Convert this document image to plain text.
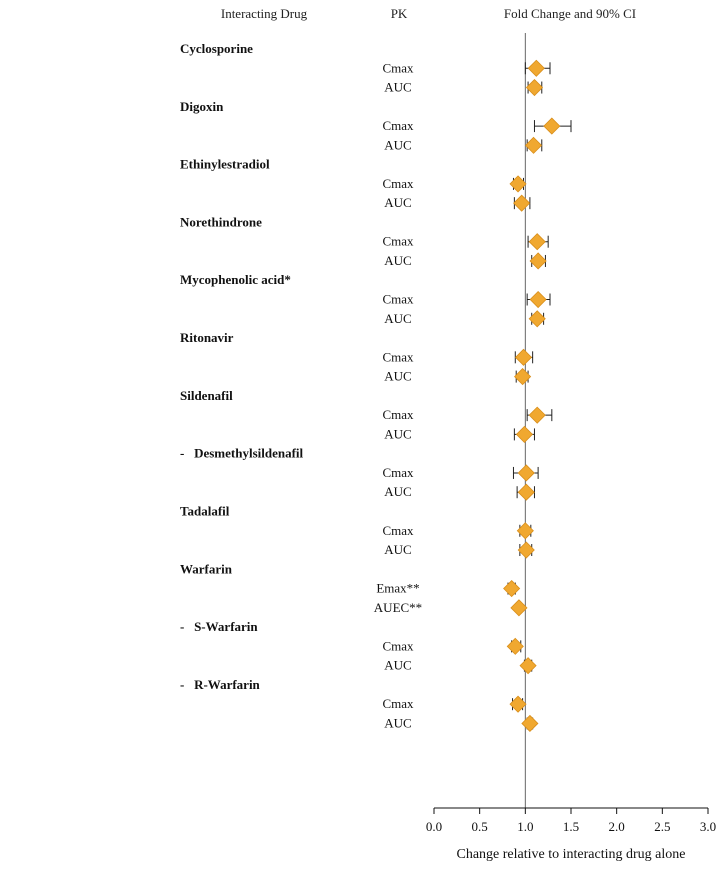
Interacting Drug	PK	Fold Change and 90% CI
Cyclosporine
Digoxin
Ethinylestradiol
Norethindrone
Mycophenolic acid*
Ritonavir
Sildenafil
-   Desmethylsildenafil
Tadalafil
Warfarin
-   S-Warfarin
-   R-Warfarin
Cmax
AUC
Cmax
AUC
Cmax
AUC
Cmax
AUC
Cmax
AUC
Cmax
AUC
Cmax
AUC
Cmax
AUC
Cmax
AUC
Emax**
AUEC**
Cmax
AUC
Cmax
AUC
0.0 0.5 1.0 1.5 2.0 2.5 3.0
Change relative to interacting drug alone
